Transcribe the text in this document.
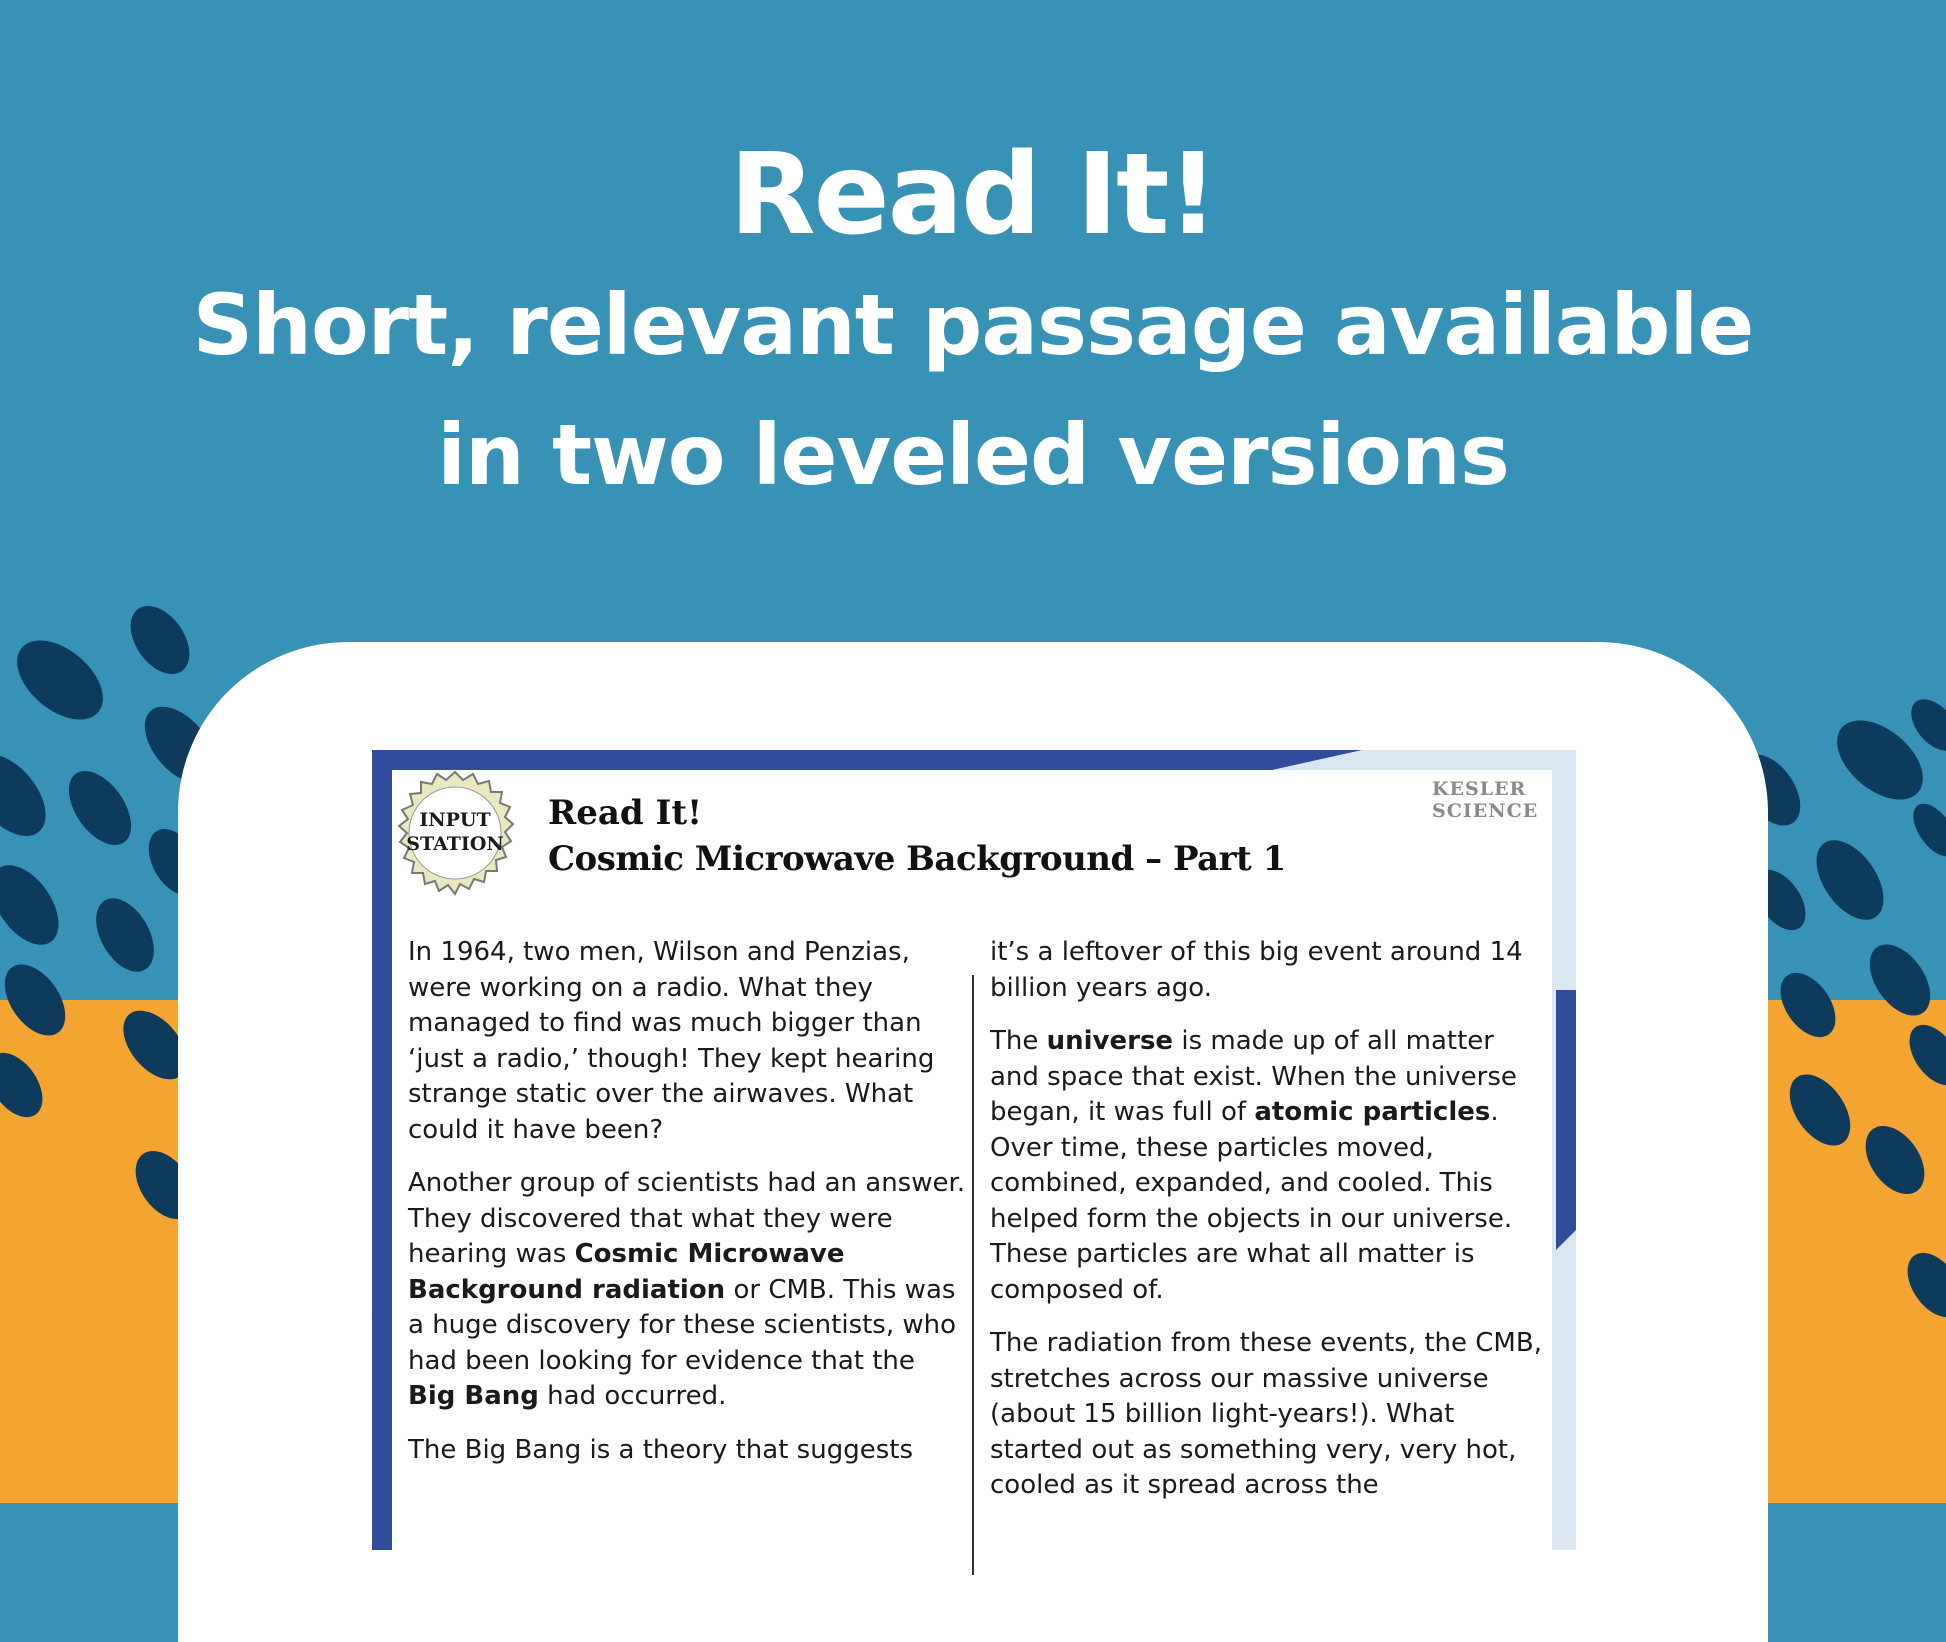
Read It!
Short, relevant passage available
in two leveled versions
INPUT
STATION
Read It!
Cosmic Microwave Background – Part 1
KESLER
SCIENCE

In 1964, two men, Wilson and Penzias, were working on a radio. What they managed to find was much bigger than ‘just a radio,’ though! They kept hearing strange static over the airwaves. What could it have been?

Another group of scientists had an answer. They discovered that what they were hearing was Cosmic Microwave Background radiation or CMB. This was a huge discovery for these scientists, who had been looking for evidence that the Big Bang had occurred.

The Big Bang is a theory that suggests

it’s a leftover of this big event around 14 billion years ago.

The universe is made up of all matter and space that exist. When the universe began, it was full of atomic particles. Over time, these particles moved, combined, expanded, and cooled. This helped form the objects in our universe. These particles are what all matter is composed of.

The radiation from these events, the CMB, stretches across our massive universe (about 15 billion light-years!). What started out as something very, very hot, cooled as it spread across the
